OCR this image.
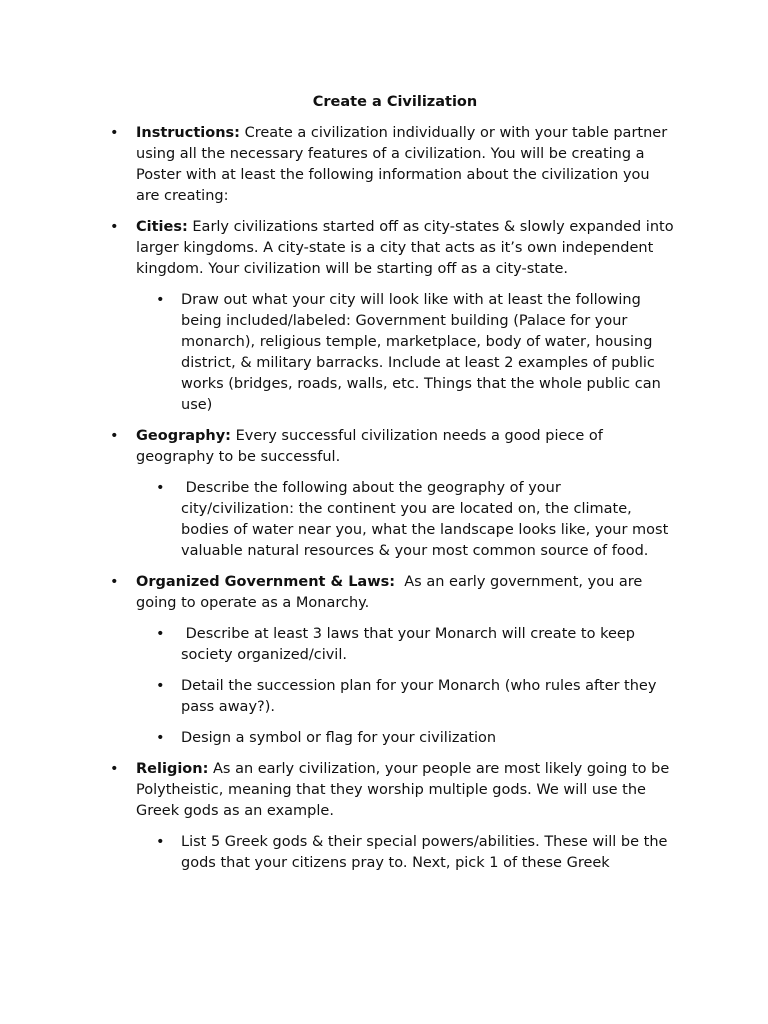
Create a Civilization
• Instructions: Create a civilization individually or with your table partner using all the necessary features of a civilization. You will be creating a Poster with at least the following information about the civilization you are creating:
• Cities: Early civilizations started off as city-states & slowly expanded into larger kingdoms. A city-state is a city that acts as it’s own independent kingdom. Your civilization will be starting off as a city-state.
• Draw out what your city will look like with at least the following being included/labeled: Government building (Palace for your monarch), religious temple, marketplace, body of water, housing district, & military barracks. Include at least 2 examples of public works (bridges, roads, walls, etc. Things that the whole public can use)
• Geography: Every successful civilization needs a good piece of geography to be successful.
• Describe the following about the geography of your city/civilization: the continent you are located on, the climate, bodies of water near you, what the landscape looks like, your most valuable natural resources & your most common source of food.
• Organized Government & Laws:  As an early government, you are going to operate as a Monarchy.
• Describe at least 3 laws that your Monarch will create to keep society organized/civil.
• Detail the succession plan for your Monarch (who rules after they pass away?).
• Design a symbol or flag for your civilization
• Religion: As an early civilization, your people are most likely going to be Polytheistic, meaning that they worship multiple gods. We will use the Greek gods as an example.
• List 5 Greek gods & their special powers/abilities. These will be the gods that your citizens pray to. Next, pick 1 of these Greek
